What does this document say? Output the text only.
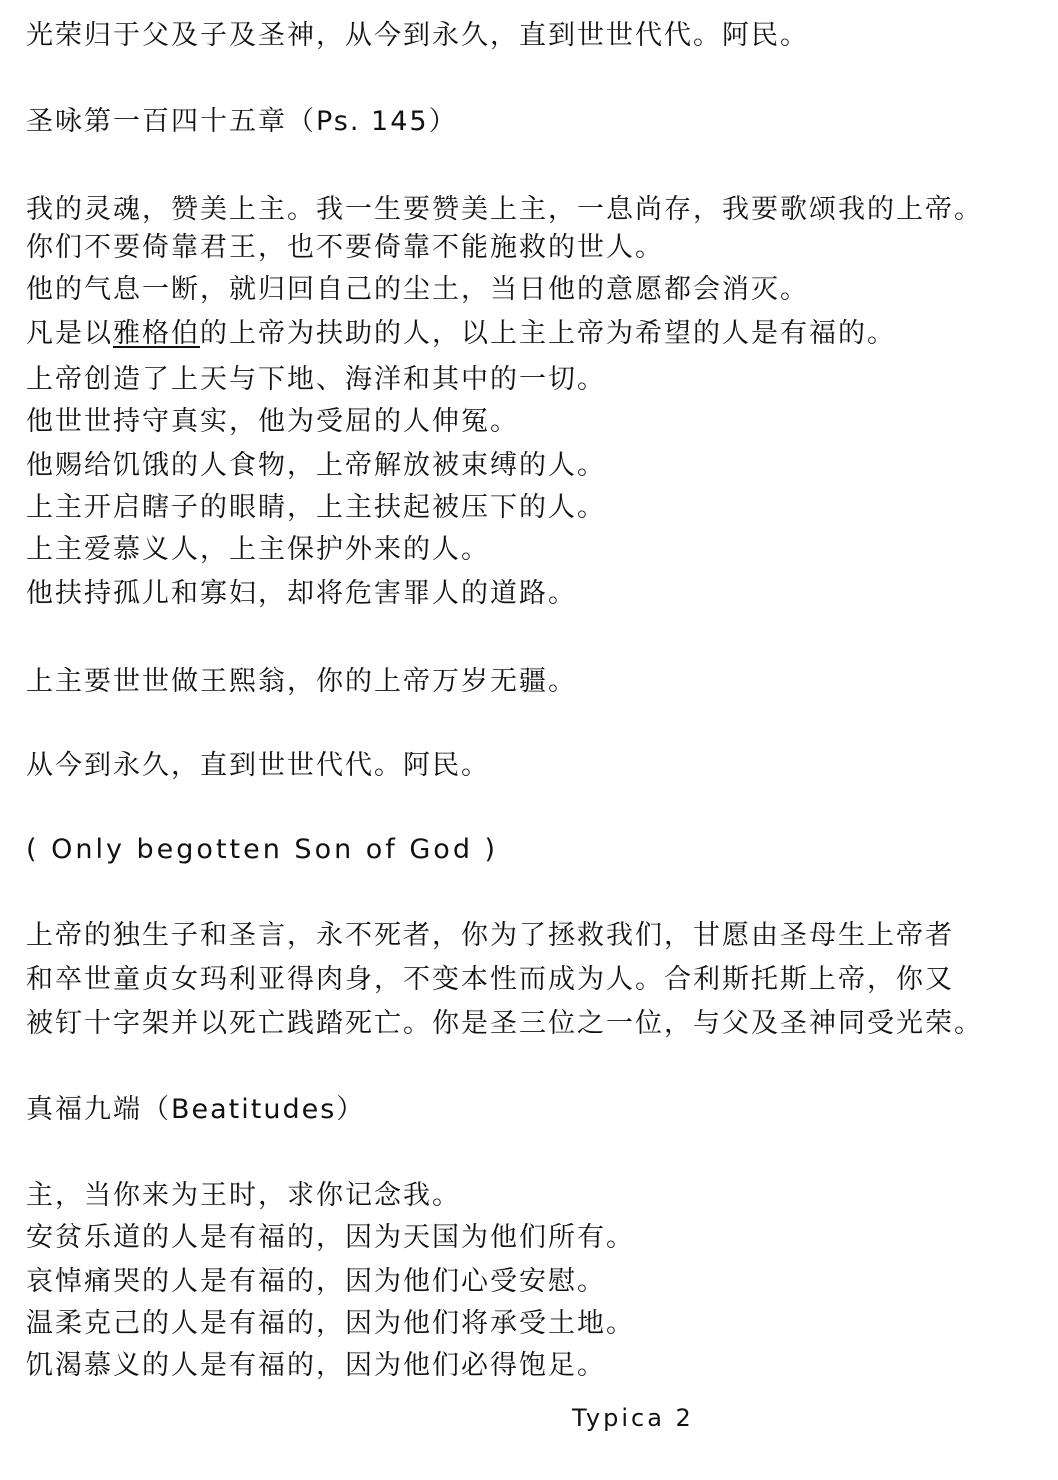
光荣归于父及子及圣神，从今到永久，直到世世代代。阿民。
圣咏第一百四十五章（Ps. 145）
我的灵魂，赞美上主。我一生要赞美上主，一息尚存，我要歌颂我的上帝。
你们不要倚靠君王，也不要倚靠不能施救的世人。
他的气息一断，就归回自己的尘土，当日他的意愿都会消灭。
凡是以雅格伯的上帝为扶助的人，以上主上帝为希望的人是有福的。
上帝创造了上天与下地、海洋和其中的一切。
他世世持守真实，他为受屈的人伸冤。
他赐给饥饿的人食物，上帝解放被束缚的人。
上主开启瞎子的眼睛，上主扶起被压下的人。
上主爱慕义人，上主保护外来的人。
他扶持孤儿和寡妇，却将危害罪人的道路。
上主要世世做王熙翁，你的上帝万岁无疆。
从今到永久，直到世世代代。阿民。
( Only begotten Son of God )
上帝的独生子和圣言，永不死者，你为了拯救我们，甘愿由圣母生上帝者
和卒世童贞女玛利亚得肉身，不变本性而成为人。合利斯托斯上帝，你又
被钉十字架并以死亡践踏死亡。你是圣三位之一位，与父及圣神同受光荣。
真福九端（Beatitudes）
主，当你来为王时，求你记念我。
安贫乐道的人是有福的，因为天国为他们所有。
哀悼痛哭的人是有福的，因为他们心受安慰。
温柔克己的人是有福的，因为他们将承受土地。
饥渴慕义的人是有福的，因为他们必得饱足。
Typica 2
